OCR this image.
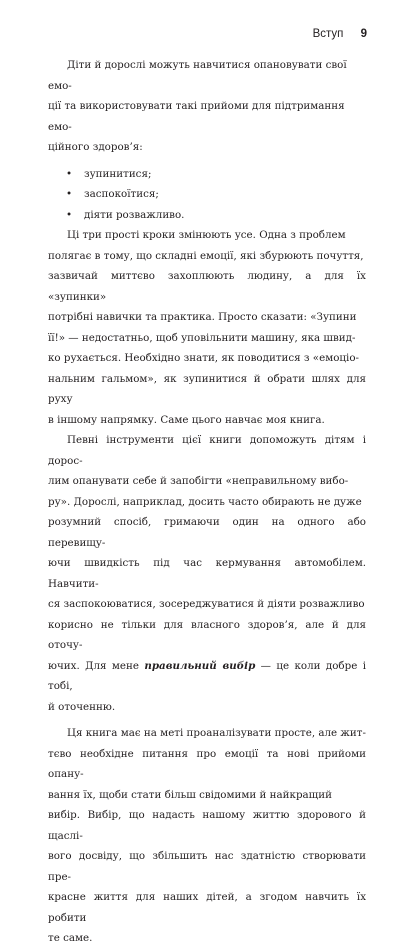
Вступ 9

Діти й дорослі можуть навчитися опановувати свої емо-

ції та використовувати такі прийоми для підтримання емо-

ційного здоров’я:

• зупинитися;
• заспокоїтися;
• діяти розважливо.

Ці три прості кроки змінюють усе. Одна з проблем

полягає в тому, що складні емоції, які збурюють почуття,

зазвичай миттєво захоплюють людину, а для їх «зупинки»

потрібні навички та практика. Просто сказати: «Зупини

її!» — недостатньо, щоб уповільнити машину, яка швид-

ко рухається. Необхідно знати, як поводитися з «емоціо-

нальним гальмом», як зупинитися й обрати шлях для руху

в іншому напрямку. Саме цього навчає моя книга.

Певні інструменти цієї книги допоможуть дітям і дорос-

лим опанувати себе й запобігти «неправильному вибо-

ру». Дорослі, наприклад, досить часто обирають не дуже

розумний спосіб, гримаючи один на одного або перевищу-

ючи швидкість під час кермування автомобілем. Навчити-

ся заспокоюватися, зосереджуватися й діяти розважливо

корисно не тільки для власного здоров’я, але й для оточу-

ючих. Для мене правильний вибір — це коли добре і тобі,

й оточенню.

Ця книга має на меті проаналізувати просте, але жит-

тєво необхідне питання про емоції та нові прийоми опану-

вання їх, щоби стати більш свідомими й найкращий

вибір. Вибір, що надасть нашому життю здорового й щаслі-

вого досвіду, що збільшить нас здатністю створювати пре-

красне життя для наших дітей, а згодом навчить їх робити

те саме.
